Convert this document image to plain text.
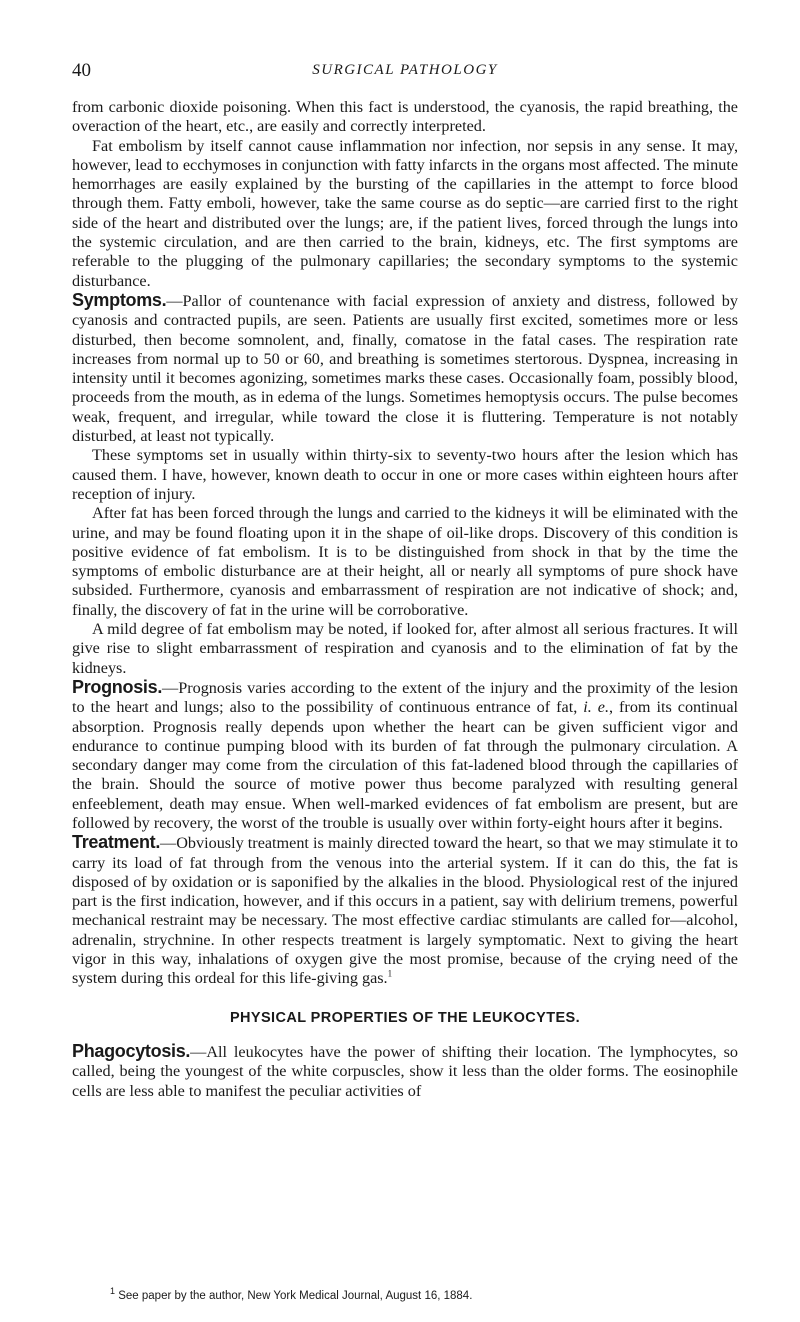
40	SURGICAL PATHOLOGY

from carbonic dioxide poisoning. When this fact is understood, the cyanosis, the rapid breathing, the overaction of the heart, etc., are easily and correctly interpreted.

Fat embolism by itself cannot cause inflammation nor infection, nor sepsis in any sense. It may, however, lead to ecchymoses in conjunction with fatty infarcts in the organs most affected. The minute hemorrhages are easily explained by the bursting of the capillaries in the attempt to force blood through them. Fatty emboli, however, take the same course as do septic—are carried first to the right side of the heart and distributed over the lungs; are, if the patient lives, forced through the lungs into the systemic circulation, and are then carried to the brain, kidneys, etc. The first symptoms are referable to the plugging of the pulmonary capillaries; the secondary symptoms to the systemic disturbance.

Symptoms.—Pallor of countenance with facial expression of anxiety and distress, followed by cyanosis and contracted pupils, are seen. Patients are usually first excited, sometimes more or less disturbed, then become somnolent, and, finally, comatose in the fatal cases. The respiration rate increases from normal up to 50 or 60, and breathing is sometimes stertorous. Dyspnea, increasing in intensity until it becomes agonizing, sometimes marks these cases. Occasionally foam, possibly blood, proceeds from the mouth, as in edema of the lungs. Sometimes hemoptysis occurs. The pulse becomes weak, frequent, and irregular, while toward the close it is fluttering. Temperature is not notably disturbed, at least not typically.

These symptoms set in usually within thirty-six to seventy-two hours after the lesion which has caused them. I have, however, known death to occur in one or more cases within eighteen hours after reception of injury.

After fat has been forced through the lungs and carried to the kidneys it will be eliminated with the urine, and may be found floating upon it in the shape of oil-like drops. Discovery of this condition is positive evidence of fat embolism. It is to be distinguished from shock in that by the time the symptoms of embolic disturbance are at their height, all or nearly all symptoms of pure shock have subsided. Furthermore, cyanosis and embarrassment of respiration are not indicative of shock; and, finally, the discovery of fat in the urine will be corroborative.

A mild degree of fat embolism may be noted, if looked for, after almost all serious fractures. It will give rise to slight embarrassment of respiration and cyanosis and to the elimination of fat by the kidneys.

Prognosis.—Prognosis varies according to the extent of the injury and the proximity of the lesion to the heart and lungs; also to the possibility of continuous entrance of fat, i. e., from its continual absorption. Prognosis really depends upon whether the heart can be given sufficient vigor and endurance to continue pumping blood with its burden of fat through the pulmonary circulation. A secondary danger may come from the circulation of this fat-ladened blood through the capillaries of the brain. Should the source of motive power thus become paralyzed with resulting general enfeeblement, death may ensue. When well-marked evidences of fat embolism are present, but are followed by recovery, the worst of the trouble is usually over within forty-eight hours after it begins.

Treatment.—Obviously treatment is mainly directed toward the heart, so that we may stimulate it to carry its load of fat through from the venous into the arterial system. If it can do this, the fat is disposed of by oxidation or is saponified by the alkalies in the blood. Physiological rest of the injured part is the first indication, however, and if this occurs in a patient, say with delirium tremens, powerful mechanical restraint may be necessary. The most effective cardiac stimulants are called for—alcohol, adrenalin, strychnine. In other respects treatment is largely symptomatic. Next to giving the heart vigor in this way, inhalations of oxygen give the most promise, because of the crying need of the system during this ordeal for this life-giving gas.$^1$

PHYSICAL PROPERTIES OF THE LEUKOCYTES.

Phagocytosis.—All leukocytes have the power of shifting their location. The lymphocytes, so called, being the youngest of the white corpuscles, show it less than the older forms. The eosinophile cells are less able to manifest the peculiar activities of

$^1$ See paper by the author, New York Medical Journal, August 16, 1884.
